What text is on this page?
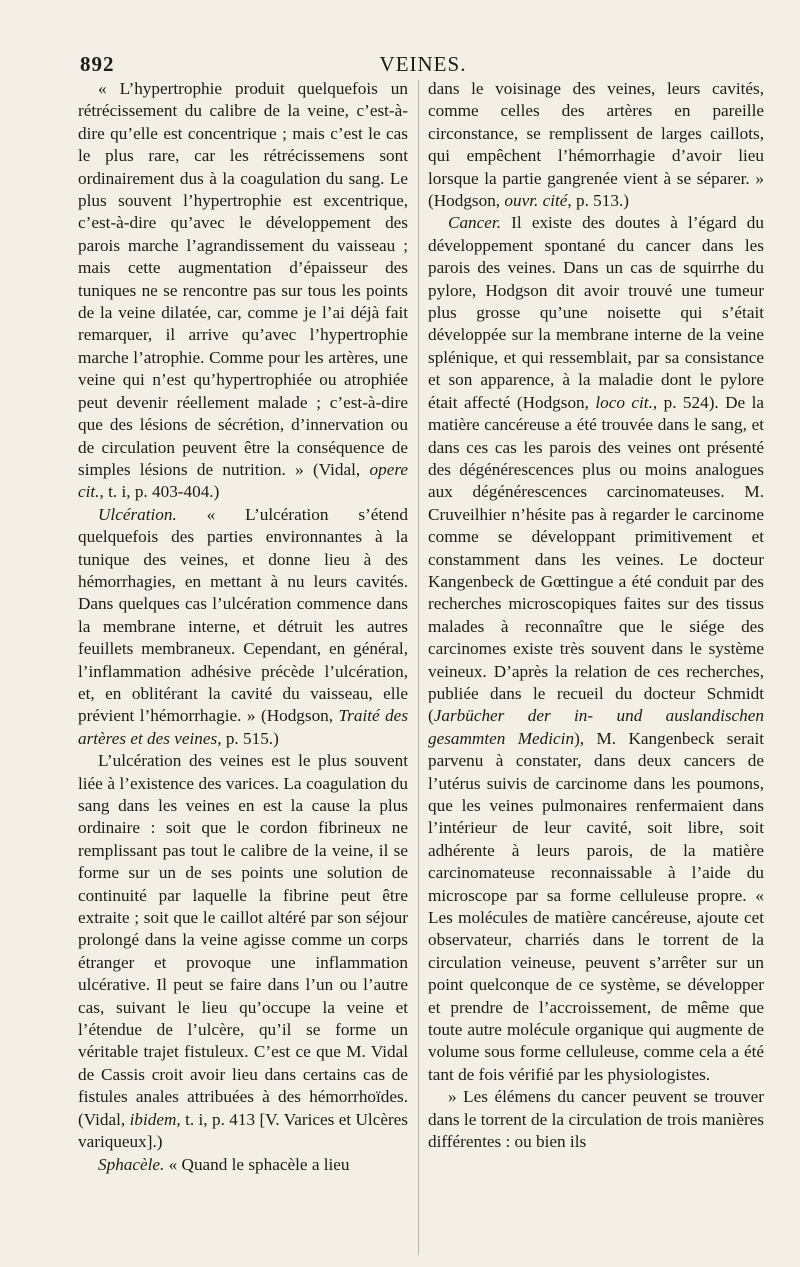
892	VEINES.

« L’hypertrophie produit quelquefois un rétrécissement du calibre de la veine, c’est-à-dire qu’elle est concentrique ; mais c’est le cas le plus rare, car les rétrécissemens sont ordinairement dus à la coagulation du sang. Le plus souvent l’hypertrophie est excentrique, c’est-à-dire qu’avec le développement des parois marche l’agrandissement du vaisseau ; mais cette augmentation d’épaisseur des tuniques ne se rencontre pas sur tous les points de la veine dilatée, car, comme je l’ai déjà fait remarquer, il arrive qu’avec l’hypertrophie marche l’atrophie. Comme pour les artères, une veine qui n’est qu’hypertrophiée ou atrophiée peut devenir réellement malade ; c’est-à-dire que des lésions de sécrétion, d’innervation ou de circulation peuvent être la conséquence de simples lésions de nutrition. » (Vidal, opere cit., t. i, p. 403-404.)

Ulcération. « L’ulcération s’étend quelquefois des parties environnantes à la tunique des veines, et donne lieu à des hémorrhagies, en mettant à nu leurs cavités. Dans quelques cas l’ulcération commence dans la membrane interne, et détruit les autres feuillets membraneux. Cependant, en général, l’inflammation adhésive précède l’ulcération, et, en oblitérant la cavité du vaisseau, elle prévient l’hémorrhagie. » (Hodgson, Traité des artères et des veines, p. 515.)

L’ulcération des veines est le plus souvent liée à l’existence des varices. La coagulation du sang dans les veines en est la cause la plus ordinaire : soit que le cordon fibrineux ne remplissant pas tout le calibre de la veine, il se forme sur un de ses points une solution de continuité par laquelle la fibrine peut être extraite ; soit que le caillot altéré par son séjour prolongé dans la veine agisse comme un corps étranger et provoque une inflammation ulcérative. Il peut se faire dans l’un ou l’autre cas, suivant le lieu qu’occupe la veine et l’étendue de l’ulcère, qu’il se forme un véritable trajet fistuleux. C’est ce que M. Vidal de Cassis croit avoir lieu dans certains cas de fistules anales attribuées à des hémorrhoïdes. (Vidal, ibidem, t. i, p. 413 [V. Varices et Ulcères variqueux].)

Sphacèle. « Quand le sphacèle a lieu

dans le voisinage des veines, leurs cavités, comme celles des artères en pareille circonstance, se remplissent de larges caillots, qui empêchent l’hémorrhagie d’avoir lieu lorsque la partie gangrenée vient à se séparer. » (Hodgson, ouvr. cité, p. 513.)

Cancer. Il existe des doutes à l’égard du développement spontané du cancer dans les parois des veines. Dans un cas de squirrhe du pylore, Hodgson dit avoir trouvé une tumeur plus grosse qu’une noisette qui s’était développée sur la membrane interne de la veine splénique, et qui ressemblait, par sa consistance et son apparence, à la maladie dont le pylore était affecté (Hodgson, loco cit., p. 524). De la matière cancéreuse a été trouvée dans le sang, et dans ces cas les parois des veines ont présenté des dégénérescences plus ou moins analogues aux dégénérescences carcinomateuses. M. Cruveilhier n’hésite pas à regarder le carcinome comme se développant primitivement et constamment dans les veines. Le docteur Kangenbeck de Gœttingue a été conduit par des recherches microscopiques faites sur des tissus malades à reconnaître que le siége des carcinomes existe très souvent dans le système veineux. D’après la relation de ces recherches, publiée dans le recueil du docteur Schmidt (Jarbücher der in- und auslandischen gesammten Medicin), M. Kangenbeck serait parvenu à constater, dans deux cancers de l’utérus suivis de carcinome dans les poumons, que les veines pulmonaires renfermaient dans l’intérieur de leur cavité, soit libre, soit adhérente à leurs parois, de la matière carcinomateuse reconnaissable à l’aide du microscope par sa forme celluleuse propre. « Les molécules de matière cancéreuse, ajoute cet observateur, charriés dans le torrent de la circulation veineuse, peuvent s’arrêter sur un point quelconque de ce système, se développer et prendre de l’accroissement, de même que toute autre molécule organique qui augmente de volume sous forme celluleuse, comme cela a été tant de fois vérifié par les physiologistes.

» Les élémens du cancer peuvent se trouver dans le torrent de la circulation de trois manières différentes : ou bien ils
